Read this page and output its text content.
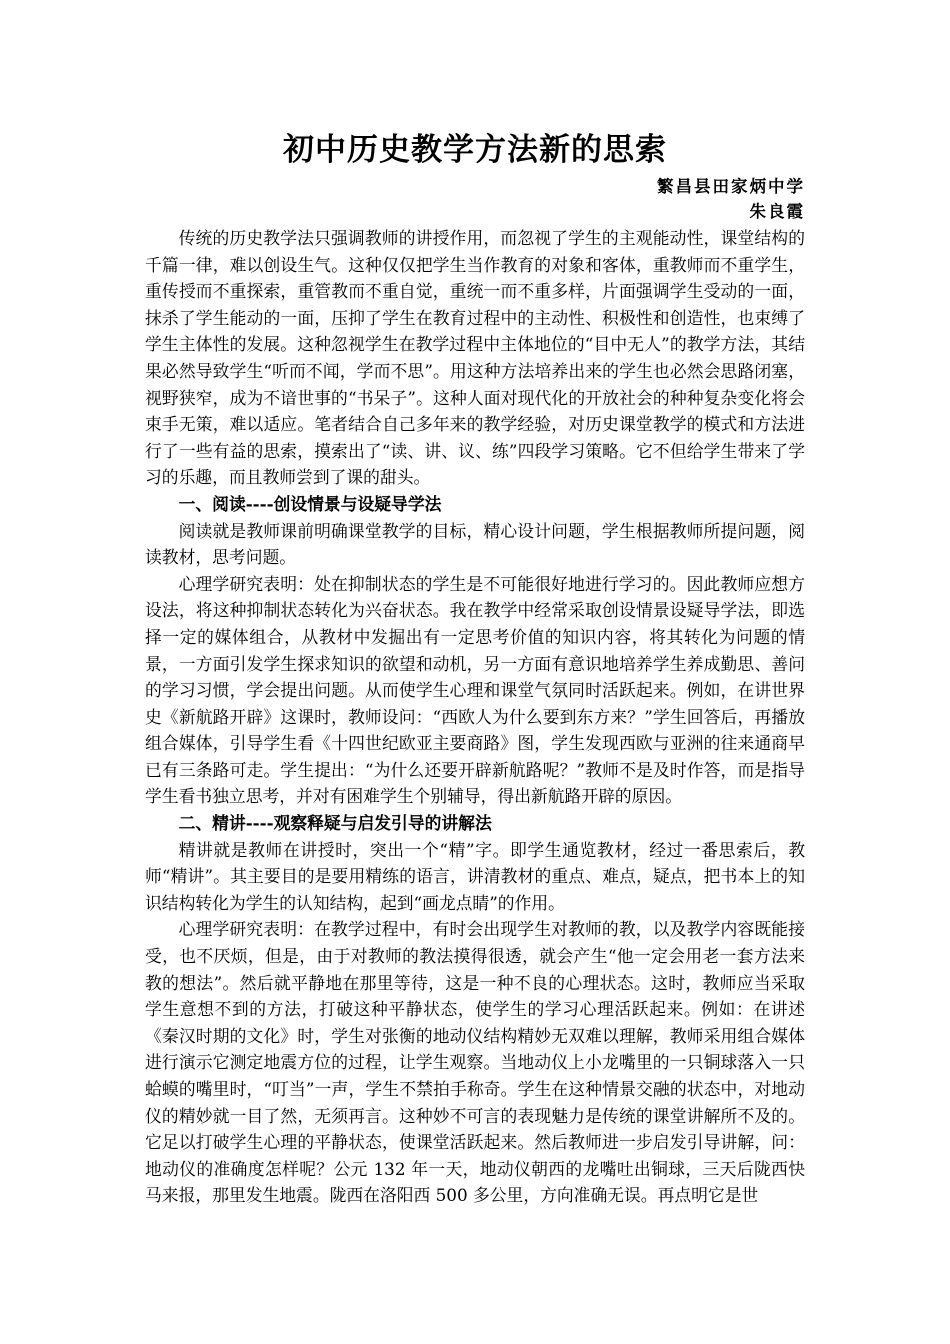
初中历史教学方法新的思索
繁昌县田家炳中学
朱良霞

传统的历史教学法只强调教师的讲授作用，而忽视了学生的主观能动性，课堂结构的千篇一律，难以创设生气。这种仅仅把学生当作教育的对象和客体，重教师而不重学生，重传授而不重探索，重管教而不重自觉，重统一而不重多样，片面强调学生受动的一面，抹杀了学生能动的一面，压抑了学生在教育过程中的主动性、积极性和创造性，也束缚了学生主体性的发展。这种忽视学生在教学过程中主体地位的“目中无人”的教学方法，其结果必然导致学生“听而不闻，学而不思”。用这种方法培养出来的学生也必然会思路闭塞，视野狭窄，成为不谙世事的“书呆子”。这种人面对现代化的开放社会的种种复杂变化将会束手无策，难以适应。笔者结合自己多年来的教学经验，对历史课堂教学的模式和方法进行了一些有益的思索，摸索出了“读、讲、议、练”四段学习策略。它不但给学生带来了学习的乐趣，而且教师尝到了课的甜头。

一、阅读----创设情景与设疑导学法

阅读就是教师课前明确课堂教学的目标，精心设计问题，学生根据教师所提问题，阅读教材，思考问题。

心理学研究表明：处在抑制状态的学生是不可能很好地进行学习的。因此教师应想方设法，将这种抑制状态转化为兴奋状态。我在教学中经常采取创设情景设疑导学法，即选择一定的媒体组合，从教材中发掘出有一定思考价值的知识内容，将其转化为问题的情景，一方面引发学生探求知识的欲望和动机，另一方面有意识地培养学生养成勤思、善问的学习习惯，学会提出问题。从而使学生心理和课堂气氛同时活跃起来。例如，在讲世界史《新航路开辟》这课时，教师设问：“西欧人为什么要到东方来？”学生回答后，再播放组合媒体，引导学生看《十四世纪欧亚主要商路》图，学生发现西欧与亚洲的往来通商早已有三条路可走。学生提出：“为什么还要开辟新航路呢？”教师不是及时作答，而是指导学生看书独立思考，并对有困难学生个别辅导，得出新航路开辟的原因。

二、精讲----观察释疑与启发引导的讲解法

精讲就是教师在讲授时，突出一个“精”字。即学生通览教材，经过一番思索后，教师“精讲”。其主要目的是要用精练的语言，讲清教材的重点、难点，疑点，把书本上的知识结构转化为学生的认知结构，起到“画龙点睛”的作用。

心理学研究表明：在教学过程中，有时会出现学生对教师的教，以及教学内容既能接受，也不厌烦，但是，由于对教师的教法摸得很透，就会产生“他一定会用老一套方法来教的想法”。然后就平静地在那里等待，这是一种不良的心理状态。这时，教师应当采取学生意想不到的方法，打破这种平静状态，使学生的学习心理活跃起来。例如：在讲述《秦汉时期的文化》时，学生对张衡的地动仪结构精妙无双难以理解，教师采用组合媒体进行演示它测定地震方位的过程，让学生观察。当地动仪上小龙嘴里的一只铜球落入一只蛤蟆的嘴里时，“叮当”一声，学生不禁拍手称奇。学生在这种情景交融的状态中，对地动仪的精妙就一目了然，无须再言。这种妙不可言的表现魅力是传统的课堂讲解所不及的。它足以打破学生心理的平静状态，使课堂活跃起来。然后教师进一步启发引导讲解，问：地动仪的准确度怎样呢？公元 132 年一天，地动仪朝西的龙嘴吐出铜球，三天后陇西快马来报，那里发生地震。陇西在洛阳西 500 多公里，方向准确无误。再点明它是世
